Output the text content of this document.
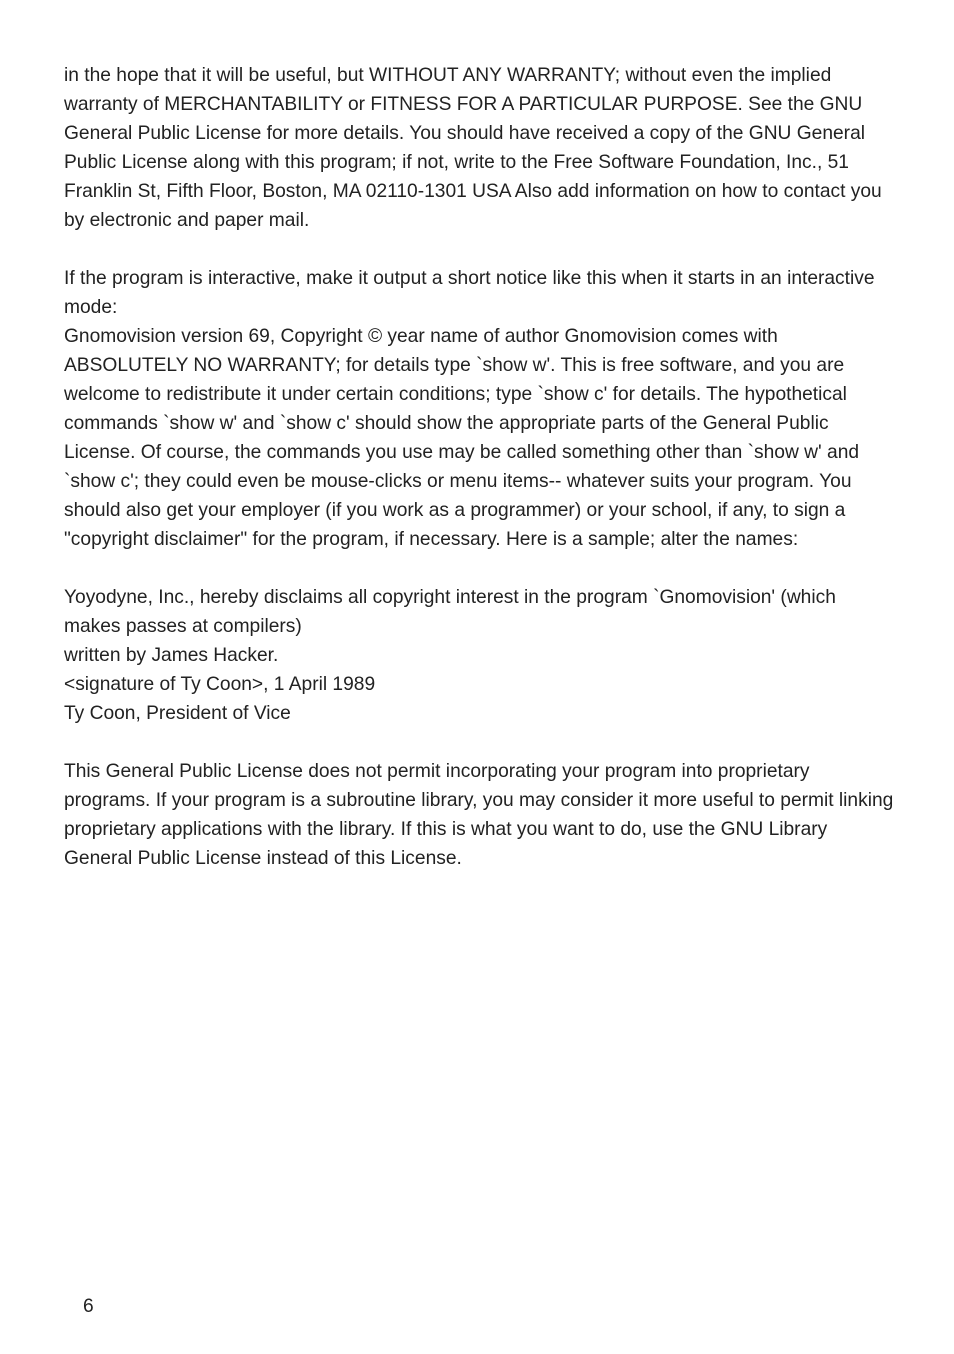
in the hope that it will be useful, but WITHOUT ANY WARRANTY; without even the implied warranty of MERCHANTABILITY or FITNESS FOR A PARTICULAR PURPOSE. See the GNU General Public License for more details. You should have received a copy of the GNU General Public License along with this program; if not, write to the Free Software Foundation, Inc., 51 Franklin St, Fifth Floor, Boston, MA 02110-1301 USA Also add information on how to contact you by electronic and paper mail.

If the program is interactive, make it output a short notice like this when it starts in an interactive mode:

Gnomovision version 69, Copyright © year name of author Gnomovision comes with ABSOLUTELY NO WARRANTY; for details type `show w'. This is free software, and you are welcome to redistribute it under certain conditions; type `show c' for details. The hypothetical commands `show w' and `show c' should show the appropriate parts of the General Public License. Of course, the commands you use may be called something other than `show w' and `show c'; they could even be mouse-clicks or menu items-- whatever suits your program. You should also get your employer (if you work as a programmer) or your school, if any, to sign a "copyright disclaimer" for the program, if necessary. Here is a sample; alter the names:

Yoyodyne, Inc., hereby disclaims all copyright interest in the program `Gnomovision' (which makes passes at compilers)

written by James Hacker.

<signature of Ty Coon>, 1 April 1989

Ty Coon, President of Vice

This General Public License does not permit incorporating your program into proprietary programs. If your program is a subroutine library, you may consider it more useful to permit linking proprietary applications with the library. If this is what you want to do, use the GNU Library General Public License instead of this License.

6
